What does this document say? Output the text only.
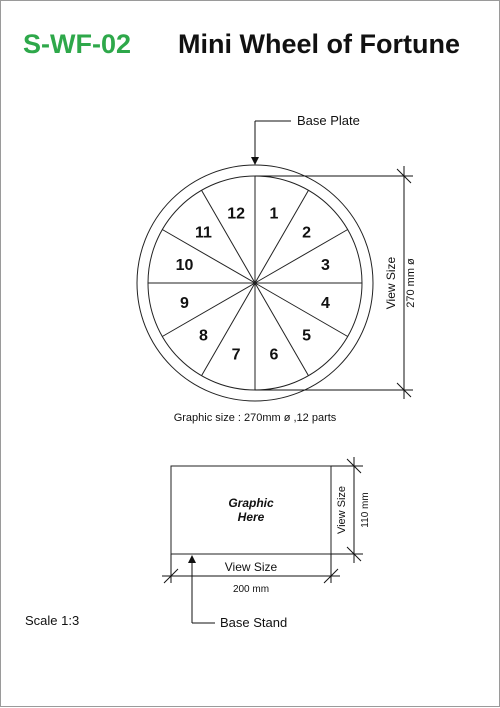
S-WF-02 Mini Wheel of Fortune
1
2
3
4
5
6
7
8
9
10
11
12
Base Plate
View Size 270 mm ø
Graphic size : 270mm ø ,12 parts
Graphic
Here	View Size 110 mm
View Size
200 mm
Base Stand
Scale 1:3
